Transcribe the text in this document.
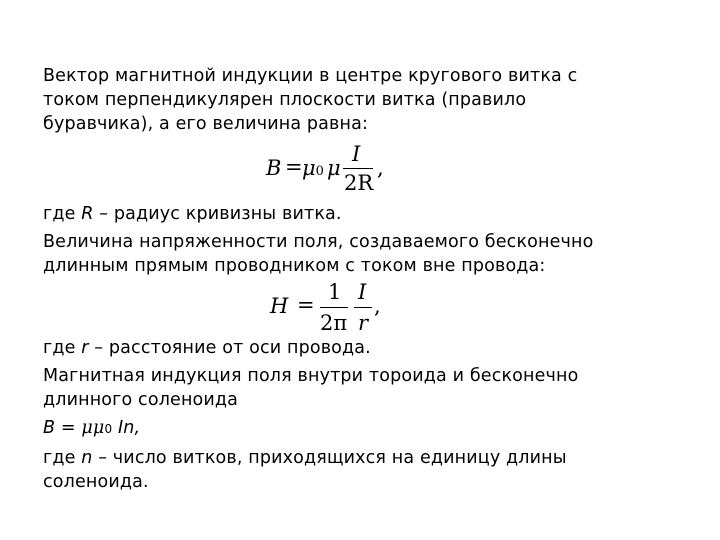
Вектор магнитной индукции в центре кругового витка с
током перпендикулярен плоскости витка (правило
буравчика), а его величина равна:
B = μ0 μ
I
2R
,
где R – радиус кривизны витка.
Величина напряженности поля, создаваемого бесконечно
длинным прямым проводником с током вне провода:
H =
1
2π
I
r
,
где r – расстояние от оси провода.
Магнитная индукция поля внутри тороида и бесконечно
длинного соленоида
B = μμ0 In,
где n – число витков, приходящихся на единицу длины
соленоида.
